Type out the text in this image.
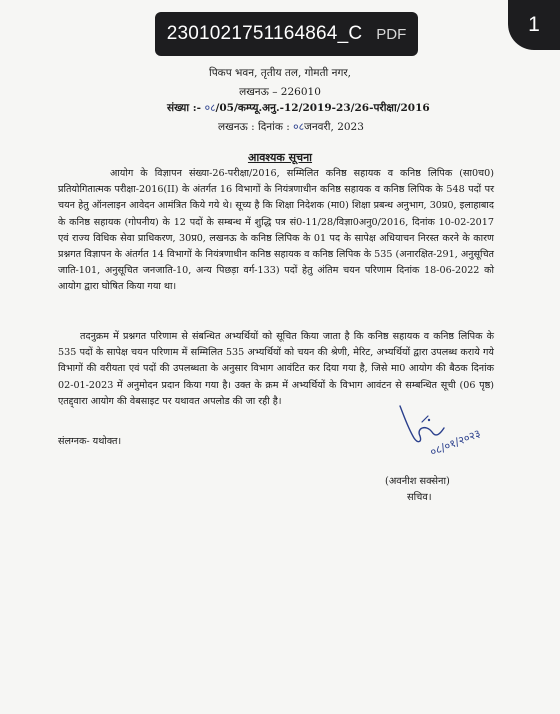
2301021751164864_C PDF	1
पिकप भवन, तृतीय तल, गोमती नगर,
लखनऊ – 226010
संख्या :- ०८/05/कम्प्यू.अनु.-12/2019-23/26-परीक्षा/2016
लखनऊ : दिनांक : ०८जनवरी, 2023
आवश्यक सूचना
आयोग के विज्ञापन संख्या-26-परीक्षा/2016, सम्मिलित कनिष्ठ सहायक व कनिष्ठ लिपिक (सा0च0) प्रतियोगितात्मक परीक्षा-2016(II) के अंतर्गत 16 विभागों के नियंत्रणाधीन कनिष्ठ सहायक व कनिष्ठ लिपिक के 548 पदों पर चयन हेतु ऑनलाइन आवेदन आमंत्रित किये गये थे। सूच्य है कि शिक्षा निदेशक (मा0) शिक्षा प्रबन्ध अनुभाग, 30प्र0, इलाहाबाद के कनिष्ठ सहायक (गोपनीय) के 12 पदों के सम्बन्ध में शुद्धि पत्र सं0-11/28/विज्ञा0अनु0/2016, दिनांक 10-02-2017 एवं राज्य विधिक सेवा प्राधिकरण, 30प्र0, लखनऊ के कनिष्ठ लिपिक के 01 पद के सापेक्ष अधियाचन निरस्त करने के कारण प्रश्नगत विज्ञापन के अंतर्गत 14 विभागों के नियंत्रणाधीन कनिष्ठ सहायक व कनिष्ठ लिपिक के 535 (अनारक्षित-291, अनुसूचित जाति-101, अनुसूचित जनजाति-10, अन्य पिछड़ा वर्ग-133) पदों हेतु अंतिम चयन परिणाम दिनांक 18-06-2022 को आयोग द्वारा घोषित किया गया था।
तदनुक्रम में प्रश्नगत परिणाम से संबन्धित अभ्यर्थियों को सूचित किया जाता है कि कनिष्ठ सहायक व कनिष्ठ लिपिक के 535 पदों के सापेक्ष चयन परिणाम में सम्मिलित 535 अभ्यर्थियों को चयन की श्रेणी, मेरिट, अभ्यर्थियों द्वारा उपलब्ध कराये गये विभागों की वरीयता एवं पदों की उपलब्धता के अनुसार विभाग आवंटित कर दिया गया है, जिसे मा0 आयोग की बैठक दिनांक 02-01-2023 में अनुमोदन प्रदान किया गया है। उक्त के क्रम में अभ्यर्थियों के विभाग आवंटन से सम्बन्धित सूची (06 पृष्ठ) एतद्द्वारा आयोग की वेबसाइट पर यथावत अपलोड की जा रही है।
संलग्नक- यथोक्त।	०८/०१/२०२३
(अवनीश सक्सेना)
सचिव।
